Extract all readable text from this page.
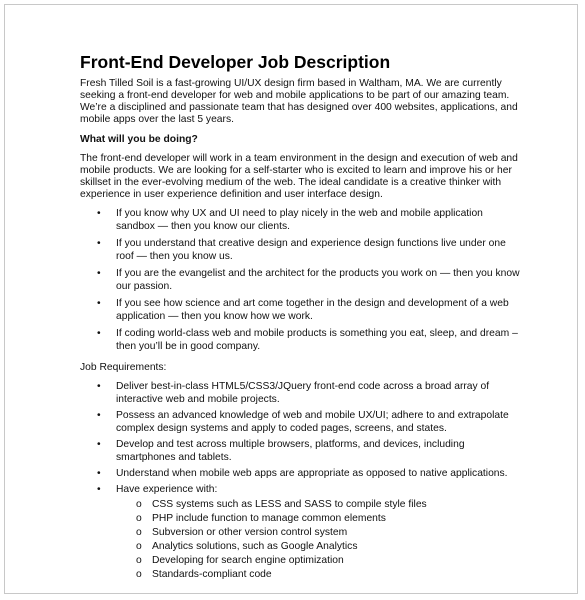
Front-End Developer Job Description

Fresh Tilled Soil is a fast-growing UI/UX design firm based in Waltham, MA. We are currently seeking a front-end developer for web and mobile applications to be part of our amazing team. We’re a disciplined and passionate team that has designed over 400 websites, applications, and mobile apps over the last 5 years.

What will you be doing?

The front-end developer will work in a team environment in the design and execution of web and mobile products. We are looking for a self-starter who is excited to learn and improve his or her skillset in the ever-evolving medium of the web. The ideal candidate is a creative thinker with experience in user experience definition and user interface design.

• If you know why UX and UI need to play nicely in the web and mobile application sandbox — then you know our clients.
• If you understand that creative design and experience design functions live under one roof — then you know us.
• If you are the evangelist and the architect for the products you work on — then you know our passion.
• If you see how science and art come together in the design and development of a web application — then you know how we work.
• If coding world-class web and mobile products is something you eat, sleep, and dream – then you’ll be in good company.

Job Requirements:

• Deliver best-in-class HTML5/CSS3/JQuery front-end code across a broad array of interactive web and mobile projects.
• Possess an advanced knowledge of web and mobile UX/UI; adhere to and extrapolate complex design systems and apply to coded pages, screens, and states.
• Develop and test across multiple browsers, platforms, and devices, including smartphones and tablets.
• Understand when mobile web apps are appropriate as opposed to native applications.
• Have experience with:
o CSS systems such as LESS and SASS to compile style files
o PHP include function to manage common elements
o Subversion or other version control system
o Analytics solutions, such as Google Analytics
o Developing for search engine optimization
o Standards-compliant code
